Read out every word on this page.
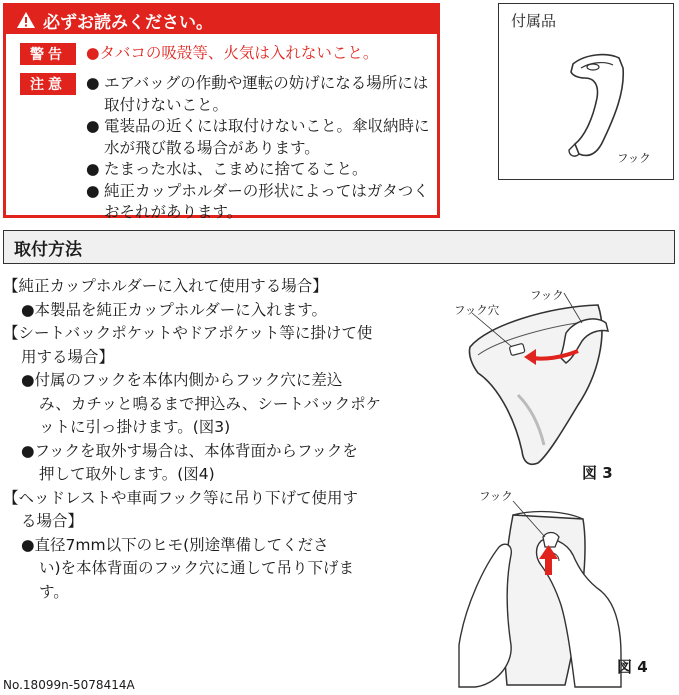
必ずお読みください。
警告	●タバコの吸殻等、火気は入れないこと。
注意	● エアバッグの作動や運転の妨げになる場所には取付けないこと。
● 電装品の近くには取付けないこと。傘収納時に水が飛び散る場合があります。
● たまった水は、こまめに捨てること。
● 純正カップホルダーの形状によってはガタつくおそれがあります。
付属品
フック
取付方法
【純正カップホルダーに入れて使用する場合】
●本製品を純正カップホルダーに入れます。
【シートバックポケットやドアポケット等に掛けて使
用する場合】
●付属のフックを本体内側からフック穴に差込
み、カチッと鳴るまで押込み、シートバックポケ
ットに引っ掛けます。(図3)
●フックを取外す場合は、本体背面からフックを
押して取外します。(図4)
【ヘッドレストや車両フック等に吊り下げて使用す
る場合】
●直径7mm以下のヒモ(別途準備してくださ
い)を本体背面のフック穴に通して吊り下げま
す。
フック穴
フック
図 3
フック
図 4
No.18099n-5078414A
